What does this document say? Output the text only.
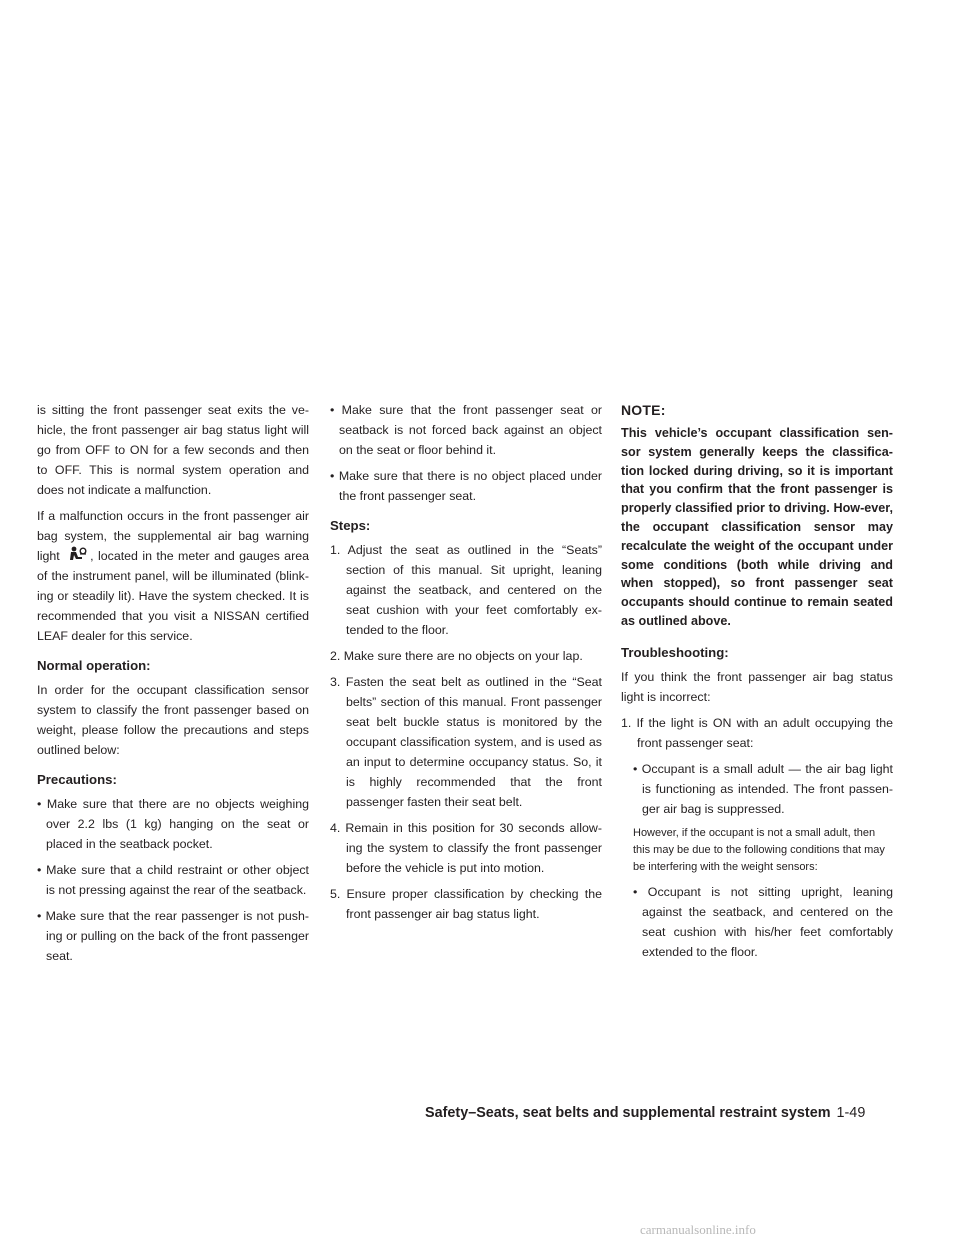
is sitting the front passenger seat exits the ve-hicle, the front passenger air bag status light will go from OFF to ON for a few seconds and then to OFF. This is normal system operation and does not indicate a malfunction.

If a malfunction occurs in the front passenger air bag system, the supplemental air bag warning light , located in the meter and gauges area of the instrument panel, will be illuminated (blink-ing or steadily lit). Have the system checked. It is recommended that you visit a NISSAN certified LEAF dealer for this service.

Normal operation:

In order for the occupant classification sensor system to classify the front passenger based on weight, please follow the precautions and steps outlined below:

Precautions:
• Make sure that there are no objects weighing over 2.2 lbs (1 kg) hanging on the seat or placed in the seatback pocket.
• Make sure that a child restraint or other object is not pressing against the rear of the seatback.
• Make sure that the rear passenger is not push-ing or pulling on the back of the front passenger seat.
• Make sure that the front passenger seat or seatback is not forced back against an object on the seat or floor behind it.
• Make sure that there is no object placed under the front passenger seat.
Steps:
1. Adjust the seat as outlined in the “Seats” section of this manual. Sit upright, leaning against the seatback, and centered on the seat cushion with your feet comfortably ex-tended to the floor.
2. Make sure there are no objects on your lap.
3. Fasten the seat belt as outlined in the “Seat belts” section of this manual. Front passenger seat belt buckle status is monitored by the occupant classification system, and is used as an input to determine occupancy status. So, it is highly recommended that the front passenger fasten their seat belt.
4. Remain in this position for 30 seconds allow-ing the system to classify the front passenger before the vehicle is put into motion.
5. Ensure proper classification by checking the front passenger air bag status light.
NOTE:

This vehicle’s occupant classification sen-sor system generally keeps the classifica-tion locked during driving, so it is important that you confirm that the front passenger is properly classified prior to driving. How-ever, the occupant classification sensor may recalculate the weight of the occupant under some conditions (both while driving and when stopped), so front passenger seat occupants should continue to remain seated as outlined above.

Troubleshooting:

If you think the front passenger air bag status light is incorrect:

1. If the light is ON with an adult occupying the front passenger seat:
• Occupant is a small adult — the air bag light is functioning as intended. The front passen-ger air bag is suppressed.
However, if the occupant is not a small adult, then this may be due to the following conditions that may be interfering with the weight sensors:
• Occupant is not sitting upright, leaning against the seatback, and centered on the seat cushion with his/her feet comfortably extended to the floor.
Safety–Seats, seat belts and supplemental restraint system 1-49
carmanualsonline.info
